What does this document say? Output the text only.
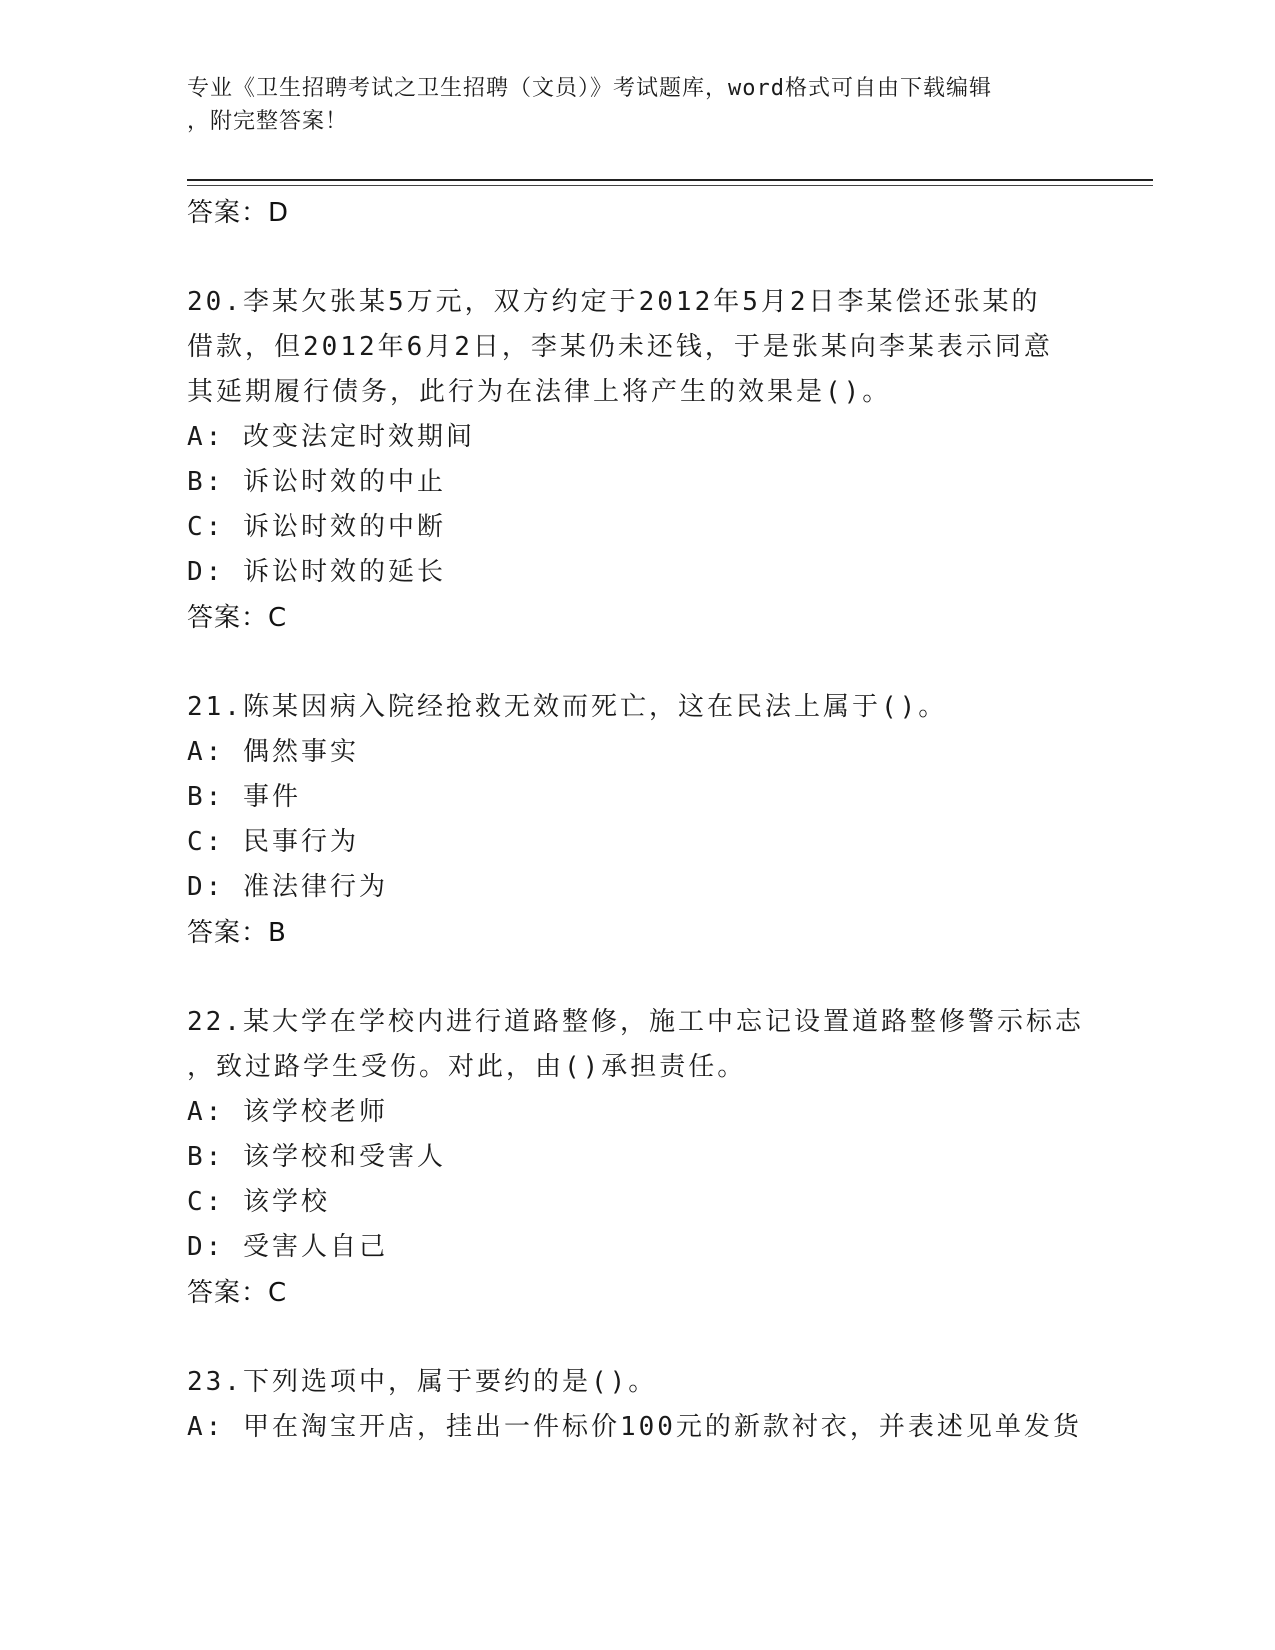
专业《卫生招聘考试之卫生招聘（文员）》考试题库，word格式可自由下载编辑
，附完整答案！
答案：D
20.李某欠张某5万元，双方约定于2012年5月2日李某偿还张某的
借款，但2012年6月2日，李某仍未还钱，于是张某向李某表示同意
其延期履行债务，此行为在法律上将产生的效果是()。
A: 改变法定时效期间
B: 诉讼时效的中止
C: 诉讼时效的中断
D: 诉讼时效的延长
答案：C
21.陈某因病入院经抢救无效而死亡，这在民法上属于()。
A: 偶然事实
B: 事件
C: 民事行为
D: 准法律行为
答案：B
22.某大学在学校内进行道路整修，施工中忘记设置道路整修警示标志
，致过路学生受伤。对此，由()承担责任。
A: 该学校老师
B: 该学校和受害人
C: 该学校
D: 受害人自己
答案：C
23.下列选项中，属于要约的是()。
A: 甲在淘宝开店，挂出一件标价100元的新款衬衣，并表述见单发货
